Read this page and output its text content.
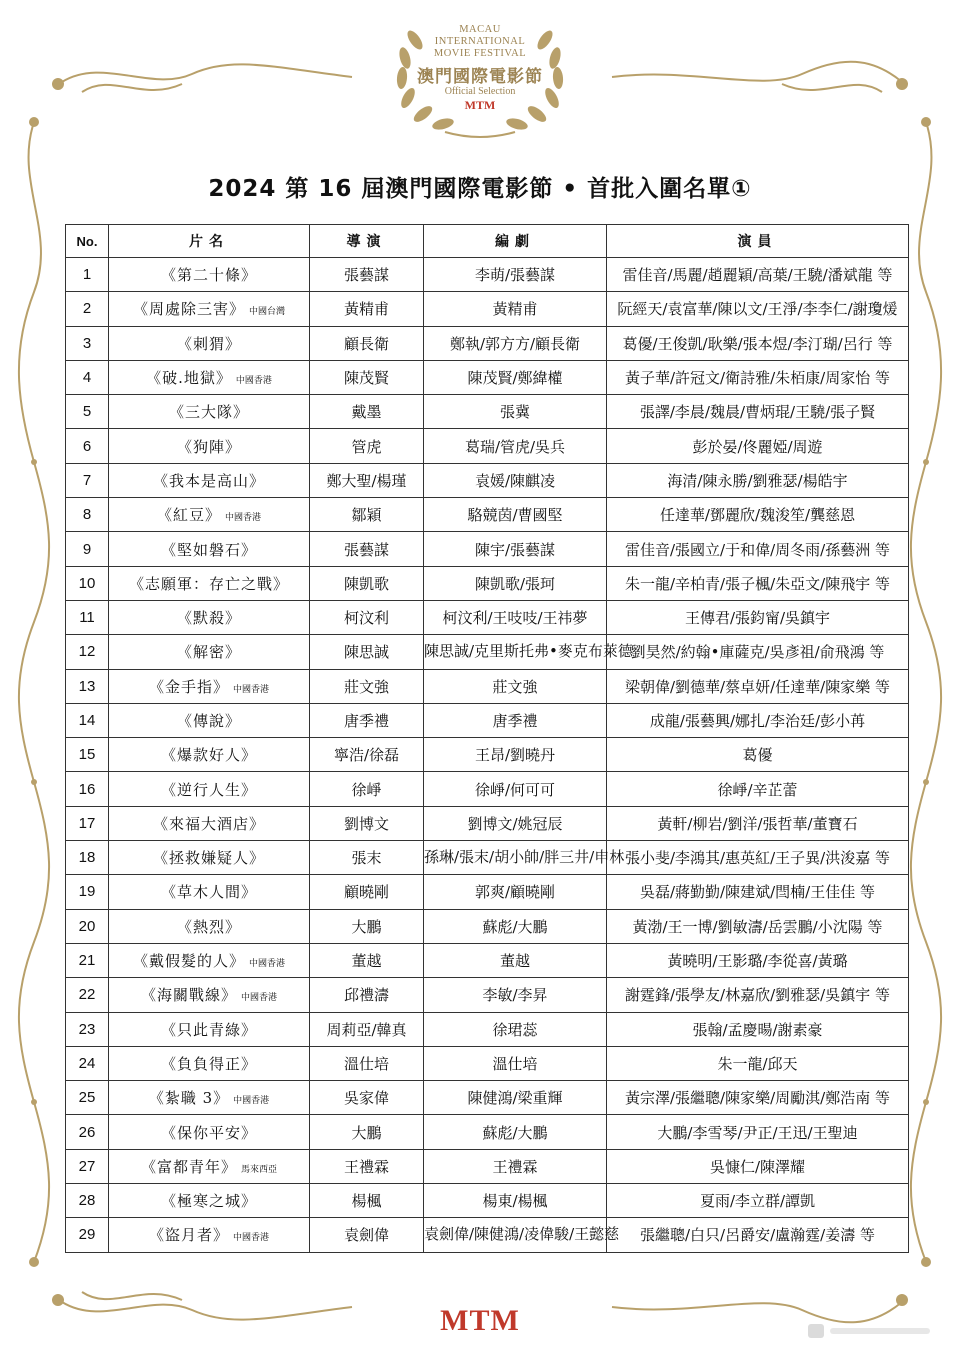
MACAU
INTERNATIONAL
MOVIE FESTIVAL
澳門國際電影節
Official Selection
MTM
2024 第 16 屆澳門國際電影節 • 首批入圍名單①
No.	片名	導演	編劇	演員
1	《第二十條》	張藝謀	李萌/張藝謀	雷佳音/馬麗/趙麗穎/高葉/王驍/潘斌龍 等
2	《周處除三害》 中國台灣	黃精甫	黃精甫	阮經天/袁富華/陳以文/王淨/李李仁/謝瓊煖
3	《刺猬》	顧長衛	鄭執/郭方方/顧長衛	葛優/王俊凱/耿樂/張本煜/李汀瑚/呂行 等
4	《破.地獄》 中國香港	陳茂賢	陳茂賢/鄭緯權	黃子華/許冠文/衛詩雅/朱栢康/周家怡 等
5	《三大隊》	戴墨	張冀	張譯/李晨/魏晨/曹炳琨/王驍/張子賢
6	《狗陣》	管虎	葛瑞/管虎/吳兵	彭於晏/佟麗婭/周遊
7	《我本是高山》	鄭大聖/楊瑾	袁媛/陳麒凌	海清/陳永勝/劉雅瑟/楊皓宇
8	《紅豆》 中國香港	鄒穎	駱競茵/曹國堅	任達華/鄧麗欣/魏浚笙/龔慈恩
9	《堅如磐石》	張藝謀	陳宇/張藝謀	雷佳音/張國立/于和偉/周冬雨/孫藝洲 等
10	《志願軍：存亡之戰》	陳凱歌	陳凱歌/張珂	朱一龍/辛柏青/張子楓/朱亞文/陳飛宇 等
11	《默殺》	柯汶利	柯汶利/王吱吱/王祎夢	王傳君/張鈞甯/吳鎮宇
12	《解密》	陳思誠	陳思誠/克里斯托弗•麥克布萊德	劉昊然/約翰•庫薩克/吳彥祖/俞飛鴻 等
13	《金手指》 中國香港	莊文強	莊文強	梁朝偉/劉德華/蔡卓妍/任達華/陳家樂 等
14	《傳說》	唐季禮	唐季禮	成龍/張藝興/娜扎/李治廷/彭小苒
15	《爆款好人》	寧浩/徐磊	王昂/劉曉丹	葛優
16	《逆行人生》	徐崢	徐崢/何可可	徐崢/辛芷蕾
17	《來福大酒店》	劉博文	劉博文/姚冠辰	黃軒/柳岩/劉洋/張哲華/董寶石
18	《拯救嫌疑人》	張末	孫琳/張末/胡小帥/胖三井/申林	張小斐/李鴻其/惠英紅/王子異/洪浚嘉 等
19	《草木人間》	顧曉剛	郭爽/顧曉剛	吳磊/蔣勤勤/陳建斌/閆楠/王佳佳 等
20	《熱烈》	大鵬	蘇彪/大鵬	黃渤/王一博/劉敏濤/岳雲鵬/小沈陽 等
21	《戴假髮的人》 中國香港	董越	董越	黃曉明/王影璐/李從喜/黃璐
22	《海關戰線》 中國香港	邱禮濤	李敏/李昇	謝霆鋒/張學友/林嘉欣/劉雅瑟/吳鎮宇 等
23	《只此青綠》	周莉亞/韓真	徐珺蕊	張翰/孟慶暘/謝素豪
24	《負負得正》	溫仕培	溫仕培	朱一龍/邱天
25	《紮職 3》 中國香港	吳家偉	陳健鴻/梁重輝	黃宗澤/張繼聰/陳家樂/周勵淇/鄭浩南 等
26	《保你平安》	大鵬	蘇彪/大鵬	大鵬/李雪琴/尹正/王迅/王聖迪
27	《富都青年》 馬來西亞	王禮霖	王禮霖	吳慷仁/陳澤耀
28	《極寒之城》	楊楓	楊東/楊楓	夏雨/李立群/譚凱
29	《盜月者》 中國香港	袁劍偉	袁劍偉/陳健鴻/凌偉駿/王懿慈	張繼聰/白只/呂爵安/盧瀚霆/姜濤 等
MTM
